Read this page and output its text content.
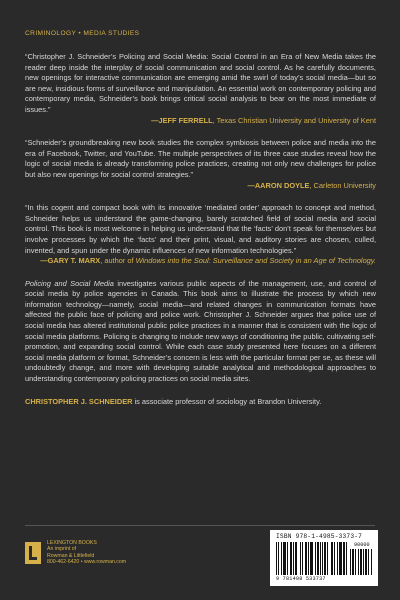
CRIMINOLOGY • MEDIA STUDIES
“Christopher J. Schneider’s Policing and Social Media: Social Control in an Era of New Media takes the reader deep inside the interplay of social communication and social control. As he carefully documents, new openings for interactive communication are emerging amid the swirl of today’s social media—but so are new, insidious forms of surveillance and manipulation. An essential work on contemporary policing and contemporary media, Schneider’s book brings critical social analysis to bear on the most immediate of issues.”
—JEFF FERRELL, Texas Christian University and University of Kent
“Schneider’s groundbreaking new book studies the complex symbiosis between police and media into the era of Facebook, Twitter, and YouTube. The multiple perspectives of its three case studies reveal how the logic of social media is already transforming police practices, creating not only new challenges for police but also new openings for social control strategies.”
—AARON DOYLE, Carleton University
“In this cogent and compact book with its innovative ‘mediated order’ approach to concept and method, Schneider helps us understand the game-changing, barely scratched field of social media and social control. This book is most welcome in helping us understand that the ‘facts’ don’t speak for themselves but involve processes by which the ‘facts’ and their print, visual, and auditory stories are chosen, culled, invented, and spun under the dynamic influences of new information technologies.”
—GARY T. MARX, author of Windows into the Soul: Surveillance and Society in an Age of Technology.
Policing and Social Media investigates various public aspects of the management, use, and control of social media by police agencies in Canada. This book aims to illustrate the process by which new information technology—namely, social media—and related changes in communication formats have affected the public face of policing and police work. Christopher J. Schneider argues that police use of social media has altered institutional public police practices in a manner that is consistent with the logic of social media platforms. Policing is changing to include new ways of conditioning the public, cultivating self-promotion, and expanding social control. While each case study presented here focuses on a different social media platform or format, Schneider’s concern is less with the particular format per se, as these will undoubtedly change, and more with developing suitable analytical and methodological approaches to understanding contemporary policing practices on social media sites.
CHRISTOPHER J. SCHNEIDER is associate professor of sociology at Brandon University.
LEXINGTON BOOKS
An imprint of
Rowman & Littlefield
800-462-6420 • www.rowman.com
ISBN 978-1-4985-3373-7
90000
9 781498 533737
